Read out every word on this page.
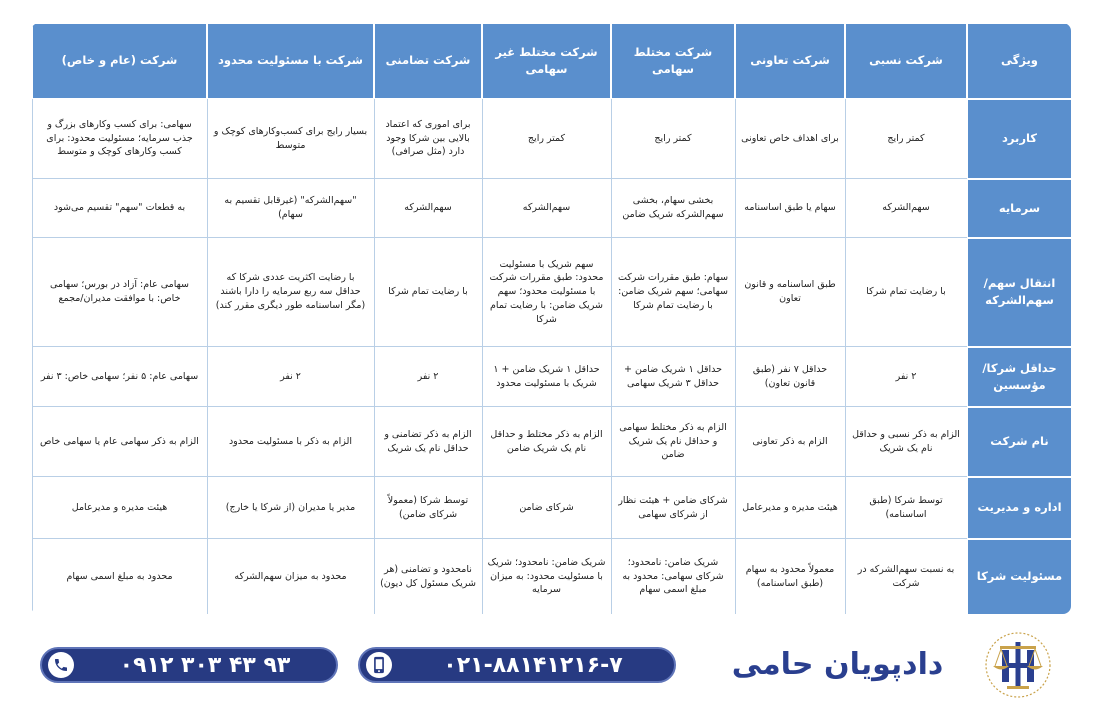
ویژگی	شرکت نسبی	شرکت تعاونی	شرکت مختلط سهامی	شرکت مختلط غیر سهامی	شرکت تضامنی	شرکت با مسئولیت محدود	شرکت (عام و خاص)
کاربرد	کمتر رایج	برای اهداف خاص تعاونی	کمتر رایج	کمتر رایج	برای اموری که اعتماد بالایی بین شرکا وجود دارد (مثل صرافی)	بسیار رایج برای کسب‌وکارهای کوچک و متوسط	سهامی: برای کسب وکارهای بزرگ و جذب سرمایه؛ مسئولیت محدود: برای کسب وکارهای کوچک و متوسط
سرمایه	سهم‌الشرکه	سهام یا طبق اساسنامه	بخشی سهام، بخشی سهم‌الشرکه شریک ضامن	سهم‌الشرکه	سهم‌الشرکه	"سهم‌الشرکه" (غیرقابل تقسیم به سهام)	به قطعات "سهم" تقسیم می‌شود
انتقال سهم/سهم‌الشرکه	با رضایت تمام شرکا	طبق اساسنامه و قانون تعاون	سهام: طبق مقررات شرکت سهامی؛ سهم شریک ضامن: با رضایت تمام شرکا	سهم شریک با مسئولیت محدود: طبق مقررات شرکت با مسئولیت محدود؛ سهم شریک ضامن: با رضایت تمام شرکا	با رضایت تمام شرکا	با رضایت اکثریت عددی شرکا که حداقل سه ربع سرمایه را دارا باشند (مگر اساسنامه طور دیگری مقرر کند)	سهامی عام: آزاد در بورس؛ سهامی خاص: با موافقت مدیران/مجمع
حداقل شرکا/مؤسسین	۲ نفر	حداقل ۷ نفر (طبق قانون تعاون)	حداقل ۱ شریک ضامن + حداقل ۳ شریک سهامی	حداقل ۱ شریک ضامن + ۱ شریک با مسئولیت محدود	۲ نفر	۲ نفر	سهامی عام: ۵ نفر؛ سهامی خاص: ۳ نفر
نام شرکت	الزام به ذکر نسبی و حداقل نام یک شریک	الزام به ذکر تعاونی	الزام به ذکر مختلط سهامی و حداقل نام یک شریک ضامن	الزام به ذکر مختلط و حداقل نام یک شریک ضامن	الزام به ذکر تضامنی و حداقل نام یک شریک	الزام به ذکر با مسئولیت محدود	الزام به ذکر سهامی عام یا سهامی خاص
اداره و مدیریت	توسط شرکا (طبق اساسنامه)	هیئت مدیره و مدیرعامل	شرکای ضامن + هیئت نظار از شرکای سهامی	شرکای ضامن	توسط شرکا (معمولاً شرکای ضامن)	مدیر یا مدیران (از شرکا یا خارج)	هیئت مدیره و مدیرعامل
مسئولیت شرکا	به نسبت سهم‌الشرکه در شرکت	معمولاً محدود به سهام (طبق اساسنامه)	شریک ضامن: نامحدود؛ شرکای سهامی: محدود به مبلغ اسمی سهام	شریک ضامن: نامحدود؛ شریک با مسئولیت محدود: به میزان سرمایه	نامحدود و تضامنی (هر شریک مسئول کل دیون)	محدود به میزان سهم‌الشرکه	محدود به مبلغ اسمی سهام
۰۹۱۲ ۳۰۳ ۴۳ ۹۳	۰۲۱-۸۸۱۴۱۲۱۶-۷	دادپویان حامی
